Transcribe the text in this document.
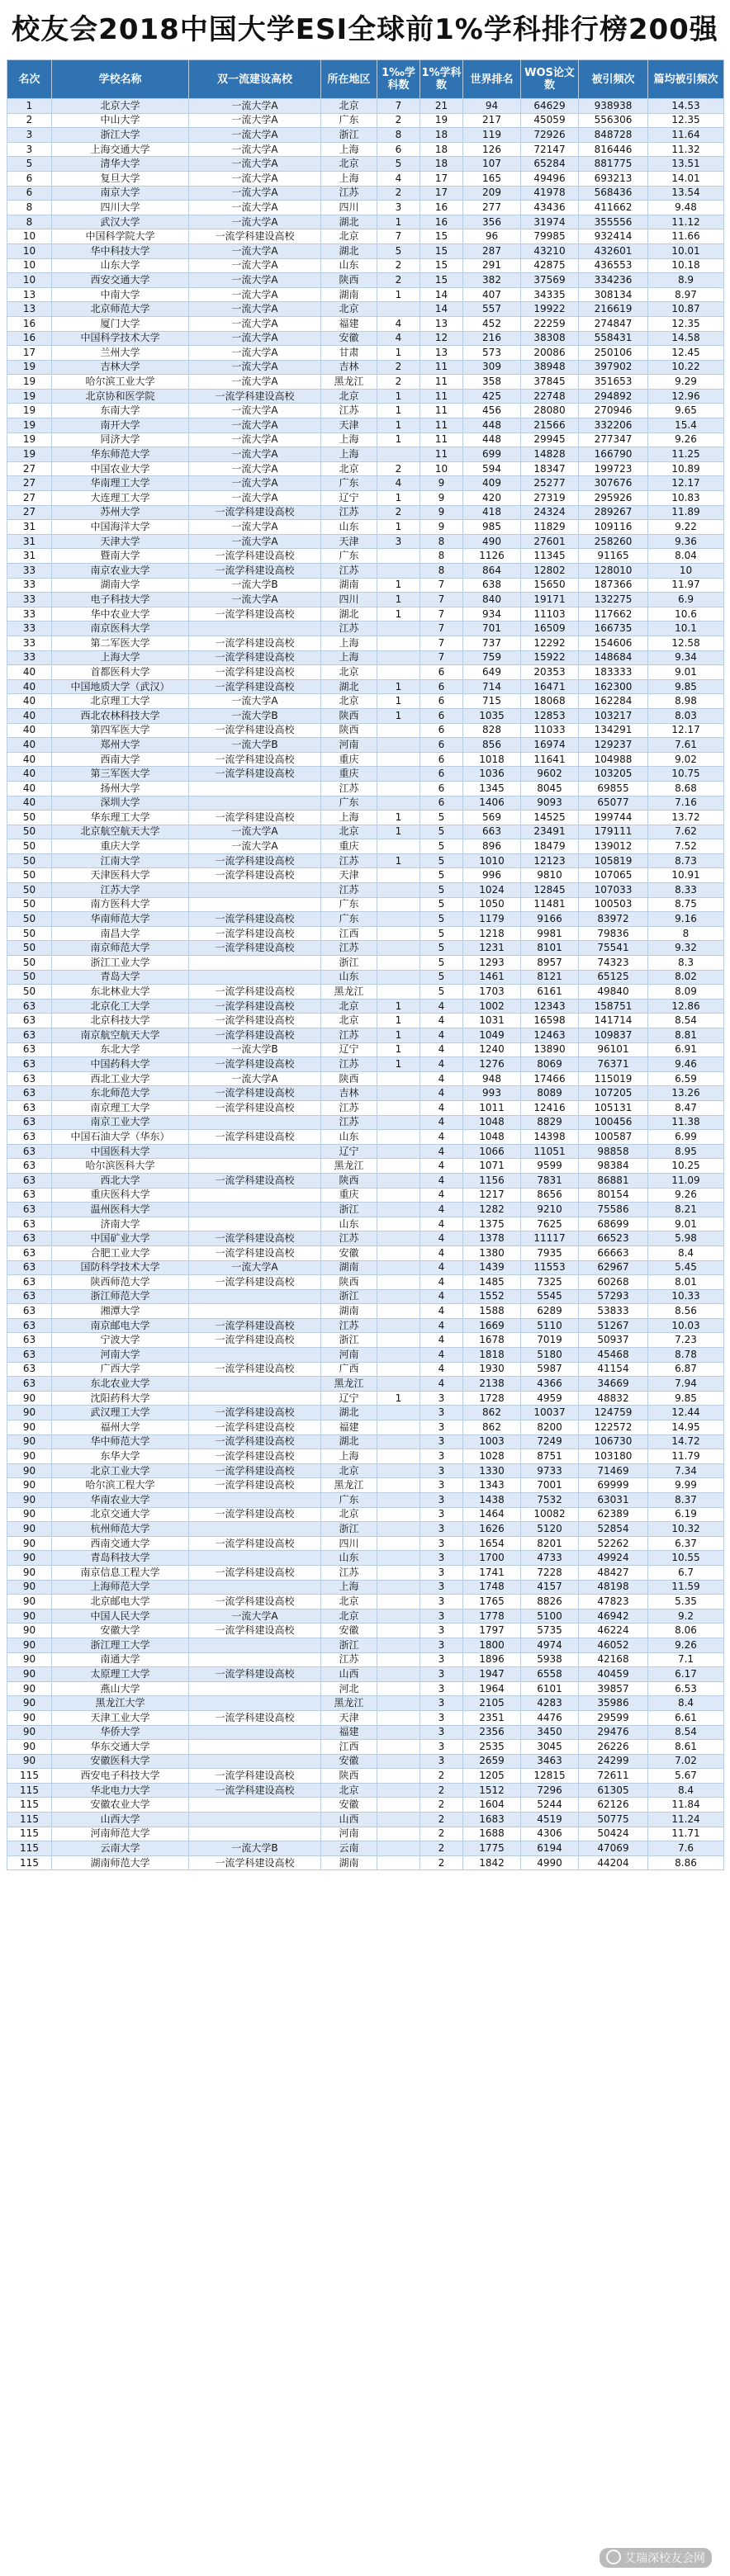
校友会2018中国大学ESI全球前1%学科排行榜200强
名次	学校名称	双一流建设高校	所在地区	1‰学科数	1%学科数	世界排名	WOS论文数	被引频次	篇均被引频次
1	北京大学	一流大学A	北京	7	21	94	64629	938938	14.53
2	中山大学	一流大学A	广东	2	19	217	45059	556306	12.35
3	浙江大学	一流大学A	浙江	8	18	119	72926	848728	11.64
3	上海交通大学	一流大学A	上海	6	18	126	72147	816446	11.32
5	清华大学	一流大学A	北京	5	18	107	65284	881775	13.51
6	复旦大学	一流大学A	上海	4	17	165	49496	693213	14.01
6	南京大学	一流大学A	江苏	2	17	209	41978	568436	13.54
8	四川大学	一流大学A	四川	3	16	277	43436	411662	9.48
8	武汉大学	一流大学A	湖北	1	16	356	31974	355556	11.12
10	中国科学院大学	一流学科建设高校	北京	7	15	96	79985	932414	11.66
10	华中科技大学	一流大学A	湖北	5	15	287	43210	432601	10.01
10	山东大学	一流大学A	山东	2	15	291	42875	436553	10.18
10	西安交通大学	一流大学A	陕西	2	15	382	37569	334236	8.9
13	中南大学	一流大学A	湖南	1	14	407	34335	308134	8.97
13	北京师范大学	一流大学A	北京		14	557	19922	216619	10.87
16	厦门大学	一流大学A	福建	4	13	452	22259	274847	12.35
16	中国科学技术大学	一流大学A	安徽	4	12	216	38308	558431	14.58
17	兰州大学	一流大学A	甘肃	1	13	573	20086	250106	12.45
19	吉林大学	一流大学A	吉林	2	11	309	38948	397902	10.22
19	哈尔滨工业大学	一流大学A	黑龙江	2	11	358	37845	351653	9.29
19	北京协和医学院	一流学科建设高校	北京	1	11	425	22748	294892	12.96
19	东南大学	一流大学A	江苏	1	11	456	28080	270946	9.65
19	南开大学	一流大学A	天津	1	11	448	21566	332206	15.4
19	同济大学	一流大学A	上海	1	11	448	29945	277347	9.26
19	华东师范大学	一流大学A	上海		11	699	14828	166790	11.25
27	中国农业大学	一流大学A	北京	2	10	594	18347	199723	10.89
27	华南理工大学	一流大学A	广东	4	9	409	25277	307676	12.17
27	大连理工大学	一流大学A	辽宁	1	9	420	27319	295926	10.83
27	苏州大学	一流学科建设高校	江苏	2	9	418	24324	289267	11.89
31	中国海洋大学	一流大学A	山东	1	9	985	11829	109116	9.22
31	天津大学	一流大学A	天津	3	8	490	27601	258260	9.36
31	暨南大学	一流学科建设高校	广东		8	1126	11345	91165	8.04
33	南京农业大学	一流学科建设高校	江苏		8	864	12802	128010	10
33	湖南大学	一流大学B	湖南	1	7	638	15650	187366	11.97
33	电子科技大学	一流大学A	四川	1	7	840	19171	132275	6.9
33	华中农业大学	一流学科建设高校	湖北	1	7	934	11103	117662	10.6
33	南京医科大学		江苏		7	701	16509	166735	10.1
33	第二军医大学	一流学科建设高校	上海		7	737	12292	154606	12.58
33	上海大学	一流学科建设高校	上海		7	759	15922	148684	9.34
40	首都医科大学	一流学科建设高校	北京		6	649	20353	183333	9.01
40	中国地质大学（武汉）	一流学科建设高校	湖北	1	6	714	16471	162300	9.85
40	北京理工大学	一流大学A	北京	1	6	715	18068	162284	8.98
40	西北农林科技大学	一流大学B	陕西	1	6	1035	12853	103217	8.03
40	第四军医大学	一流学科建设高校	陕西		6	828	11033	134291	12.17
40	郑州大学	一流大学B	河南		6	856	16974	129237	7.61
40	西南大学	一流学科建设高校	重庆		6	1018	11641	104988	9.02
40	第三军医大学	一流学科建设高校	重庆		6	1036	9602	103205	10.75
40	扬州大学		江苏		6	1345	8045	69855	8.68
40	深圳大学		广东		6	1406	9093	65077	7.16
50	华东理工大学	一流学科建设高校	上海	1	5	569	14525	199744	13.72
50	北京航空航天大学	一流大学A	北京	1	5	663	23491	179111	7.62
50	重庆大学	一流大学A	重庆		5	896	18479	139012	7.52
50	江南大学	一流学科建设高校	江苏	1	5	1010	12123	105819	8.73
50	天津医科大学	一流学科建设高校	天津		5	996	9810	107065	10.91
50	江苏大学		江苏		5	1024	12845	107033	8.33
50	南方医科大学		广东		5	1050	11481	100503	8.75
50	华南师范大学	一流学科建设高校	广东		5	1179	9166	83972	9.16
50	南昌大学	一流学科建设高校	江西		5	1218	9981	79836	8
50	南京师范大学	一流学科建设高校	江苏		5	1231	8101	75541	9.32
50	浙江工业大学		浙江		5	1293	8957	74323	8.3
50	青岛大学		山东		5	1461	8121	65125	8.02
50	东北林业大学	一流学科建设高校	黑龙江		5	1703	6161	49840	8.09
63	北京化工大学	一流学科建设高校	北京	1	4	1002	12343	158751	12.86
63	北京科技大学	一流学科建设高校	北京	1	4	1031	16598	141714	8.54
63	南京航空航天大学	一流学科建设高校	江苏	1	4	1049	12463	109837	8.81
63	东北大学	一流大学B	辽宁	1	4	1240	13890	96101	6.91
63	中国药科大学	一流学科建设高校	江苏	1	4	1276	8069	76371	9.46
63	西北工业大学	一流大学A	陕西		4	948	17466	115019	6.59
63	东北师范大学	一流学科建设高校	吉林		4	993	8089	107205	13.26
63	南京理工大学	一流学科建设高校	江苏		4	1011	12416	105131	8.47
63	南京工业大学		江苏		4	1048	8829	100456	11.38
63	中国石油大学（华东）	一流学科建设高校	山东		4	1048	14398	100587	6.99
63	中国医科大学		辽宁		4	1066	11051	98858	8.95
63	哈尔滨医科大学		黑龙江		4	1071	9599	98384	10.25
63	西北大学	一流学科建设高校	陕西		4	1156	7831	86881	11.09
63	重庆医科大学		重庆		4	1217	8656	80154	9.26
63	温州医科大学		浙江		4	1282	9210	75586	8.21
63	济南大学		山东		4	1375	7625	68699	9.01
63	中国矿业大学	一流学科建设高校	江苏		4	1378	11117	66523	5.98
63	合肥工业大学	一流学科建设高校	安徽		4	1380	7935	66663	8.4
63	国防科学技术大学	一流大学A	湖南		4	1439	11553	62967	5.45
63	陕西师范大学	一流学科建设高校	陕西		4	1485	7325	60268	8.01
63	浙江师范大学		浙江		4	1552	5545	57293	10.33
63	湘潭大学		湖南		4	1588	6289	53833	8.56
63	南京邮电大学	一流学科建设高校	江苏		4	1669	5110	51267	10.03
63	宁波大学	一流学科建设高校	浙江		4	1678	7019	50937	7.23
63	河南大学		河南		4	1818	5180	45468	8.78
63	广西大学	一流学科建设高校	广西		4	1930	5987	41154	6.87
63	东北农业大学		黑龙江		4	2138	4366	34669	7.94
90	沈阳药科大学		辽宁	1	3	1728	4959	48832	9.85
90	武汉理工大学	一流学科建设高校	湖北		3	862	10037	124759	12.44
90	福州大学	一流学科建设高校	福建		3	862	8200	122572	14.95
90	华中师范大学	一流学科建设高校	湖北		3	1003	7249	106730	14.72
90	东华大学	一流学科建设高校	上海		3	1028	8751	103180	11.79
90	北京工业大学	一流学科建设高校	北京		3	1330	9733	71469	7.34
90	哈尔滨工程大学	一流学科建设高校	黑龙江		3	1343	7001	69999	9.99
90	华南农业大学		广东		3	1438	7532	63031	8.37
90	北京交通大学	一流学科建设高校	北京		3	1464	10082	62389	6.19
90	杭州师范大学		浙江		3	1626	5120	52854	10.32
90	西南交通大学	一流学科建设高校	四川		3	1654	8201	52262	6.37
90	青岛科技大学		山东		3	1700	4733	49924	10.55
90	南京信息工程大学	一流学科建设高校	江苏		3	1741	7228	48427	6.7
90	上海师范大学		上海		3	1748	4157	48198	11.59
90	北京邮电大学	一流学科建设高校	北京		3	1765	8826	47823	5.35
90	中国人民大学	一流大学A	北京		3	1778	5100	46942	9.2
90	安徽大学	一流学科建设高校	安徽		3	1797	5735	46224	8.06
90	浙江理工大学		浙江		3	1800	4974	46052	9.26
90	南通大学		江苏		3	1896	5938	42168	7.1
90	太原理工大学	一流学科建设高校	山西		3	1947	6558	40459	6.17
90	燕山大学		河北		3	1964	6101	39857	6.53
90	黑龙江大学		黑龙江		3	2105	4283	35986	8.4
90	天津工业大学	一流学科建设高校	天津		3	2351	4476	29599	6.61
90	华侨大学		福建		3	2356	3450	29476	8.54
90	华东交通大学		江西		3	2535	3045	26226	8.61
90	安徽医科大学		安徽		3	2659	3463	24299	7.02
115	西安电子科技大学	一流学科建设高校	陕西		2	1205	12815	72611	5.67
115	华北电力大学	一流学科建设高校	北京		2	1512	7296	61305	8.4
115	安徽农业大学		安徽		2	1604	5244	62126	11.84
115	山西大学		山西		2	1683	4519	50775	11.24
115	河南师范大学		河南		2	1688	4306	50424	11.71
115	云南大学	一流大学B	云南		2	1775	6194	47069	7.6
115	湖南师范大学	一流学科建设高校	湖南		2	1842	4990	44204	8.86
艾瑞深校友会网
